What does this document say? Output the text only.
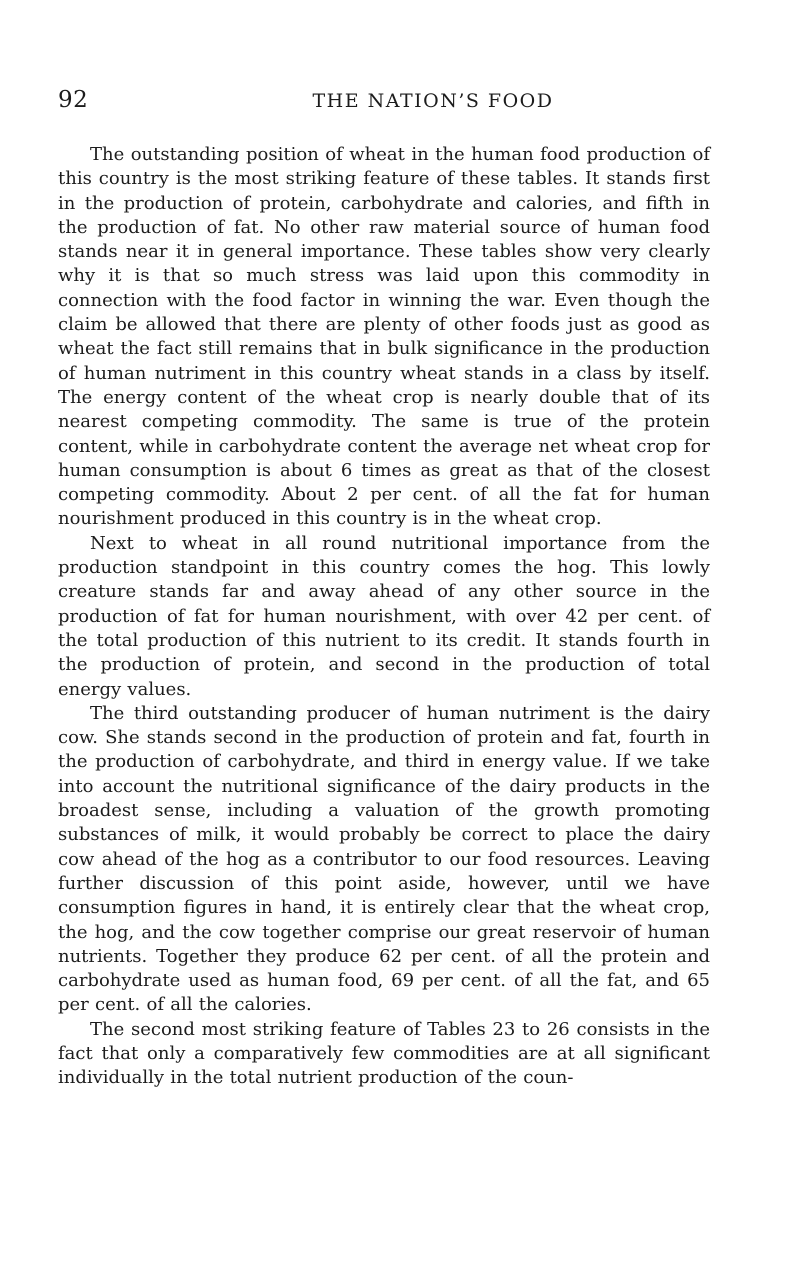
92	THE NATION’S FOOD

The outstanding position of wheat in the human food production of this country is the most striking feature of these tables. It stands first in the production of protein, carbohydrate and calories, and fifth in the production of fat. No other raw material source of human food stands near it in general importance. These tables show very clearly why it is that so much stress was laid upon this commodity in connection with the food factor in winning the war. Even though the claim be allowed that there are plenty of other foods just as good as wheat the fact still remains that in bulk significance in the production of human nutriment in this country wheat stands in a class by itself. The energy content of the wheat crop is nearly double that of its nearest competing commodity. The same is true of the protein content, while in carbohydrate content the average net wheat crop for human consumption is about 6 times as great as that of the closest competing commodity. About 2 per cent. of all the fat for human nourishment produced in this country is in the wheat crop.

Next to wheat in all round nutritional importance from the production standpoint in this country comes the hog. This lowly creature stands far and away ahead of any other source in the production of fat for human nourishment, with over 42 per cent. of the total production of this nutrient to its credit. It stands fourth in the production of protein, and second in the production of total energy values.

The third outstanding producer of human nutriment is the dairy cow. She stands second in the production of protein and fat, fourth in the production of carbohydrate, and third in energy value. If we take into account the nutritional significance of the dairy products in the broadest sense, including a valuation of the growth promoting substances of milk, it would probably be correct to place the dairy cow ahead of the hog as a contributor to our food resources. Leaving further discussion of this point aside, however, until we have consumption figures in hand, it is entirely clear that the wheat crop, the hog, and the cow together comprise our great reservoir of human nutrients. Together they produce 62 per cent. of all the protein and carbohydrate used as human food, 69 per cent. of all the fat, and 65 per cent. of all the calories.

The second most striking feature of Tables 23 to 26 consists in the fact that only a comparatively few commodities are at all significant individually in the total nutrient production of the coun-
